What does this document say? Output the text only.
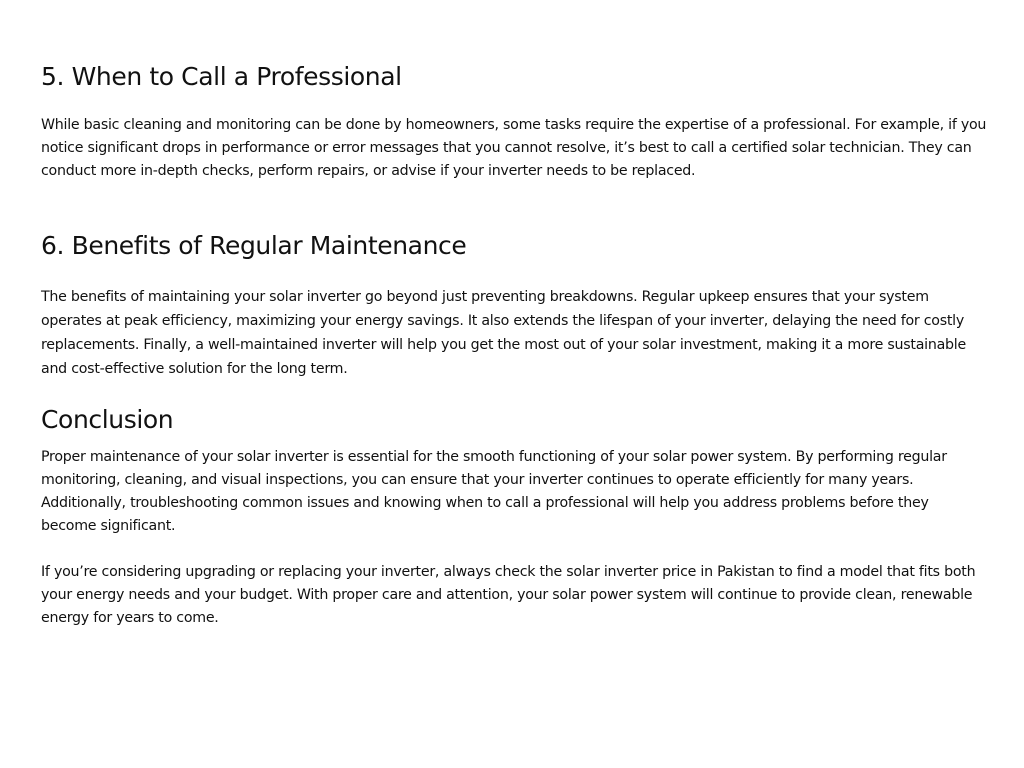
5. When to Call a Professional

While basic cleaning and monitoring can be done by homeowners, some tasks require the expertise of a professional. For example, if you notice significant drops in performance or error messages that you cannot resolve, it’s best to call a certified solar technician. They can conduct more in-depth checks, perform repairs, or advise if your inverter needs to be replaced.

6. Benefits of Regular Maintenance

The benefits of maintaining your solar inverter go beyond just preventing breakdowns. Regular upkeep ensures that your system operates at peak efficiency, maximizing your energy savings. It also extends the lifespan of your inverter, delaying the need for costly replacements. Finally, a well-maintained inverter will help you get the most out of your solar investment, making it a more sustainable and cost-effective solution for the long term.

Conclusion

Proper maintenance of your solar inverter is essential for the smooth functioning of your solar power system. By performing regular monitoring, cleaning, and visual inspections, you can ensure that your inverter continues to operate efficiently for many years. Additionally, troubleshooting common issues and knowing when to call a professional will help you address problems before they become significant.

If you’re considering upgrading or replacing your inverter, always check the solar inverter price in Pakistan to find a model that fits both your energy needs and your budget. With proper care and attention, your solar power system will continue to provide clean, renewable energy for years to come.
